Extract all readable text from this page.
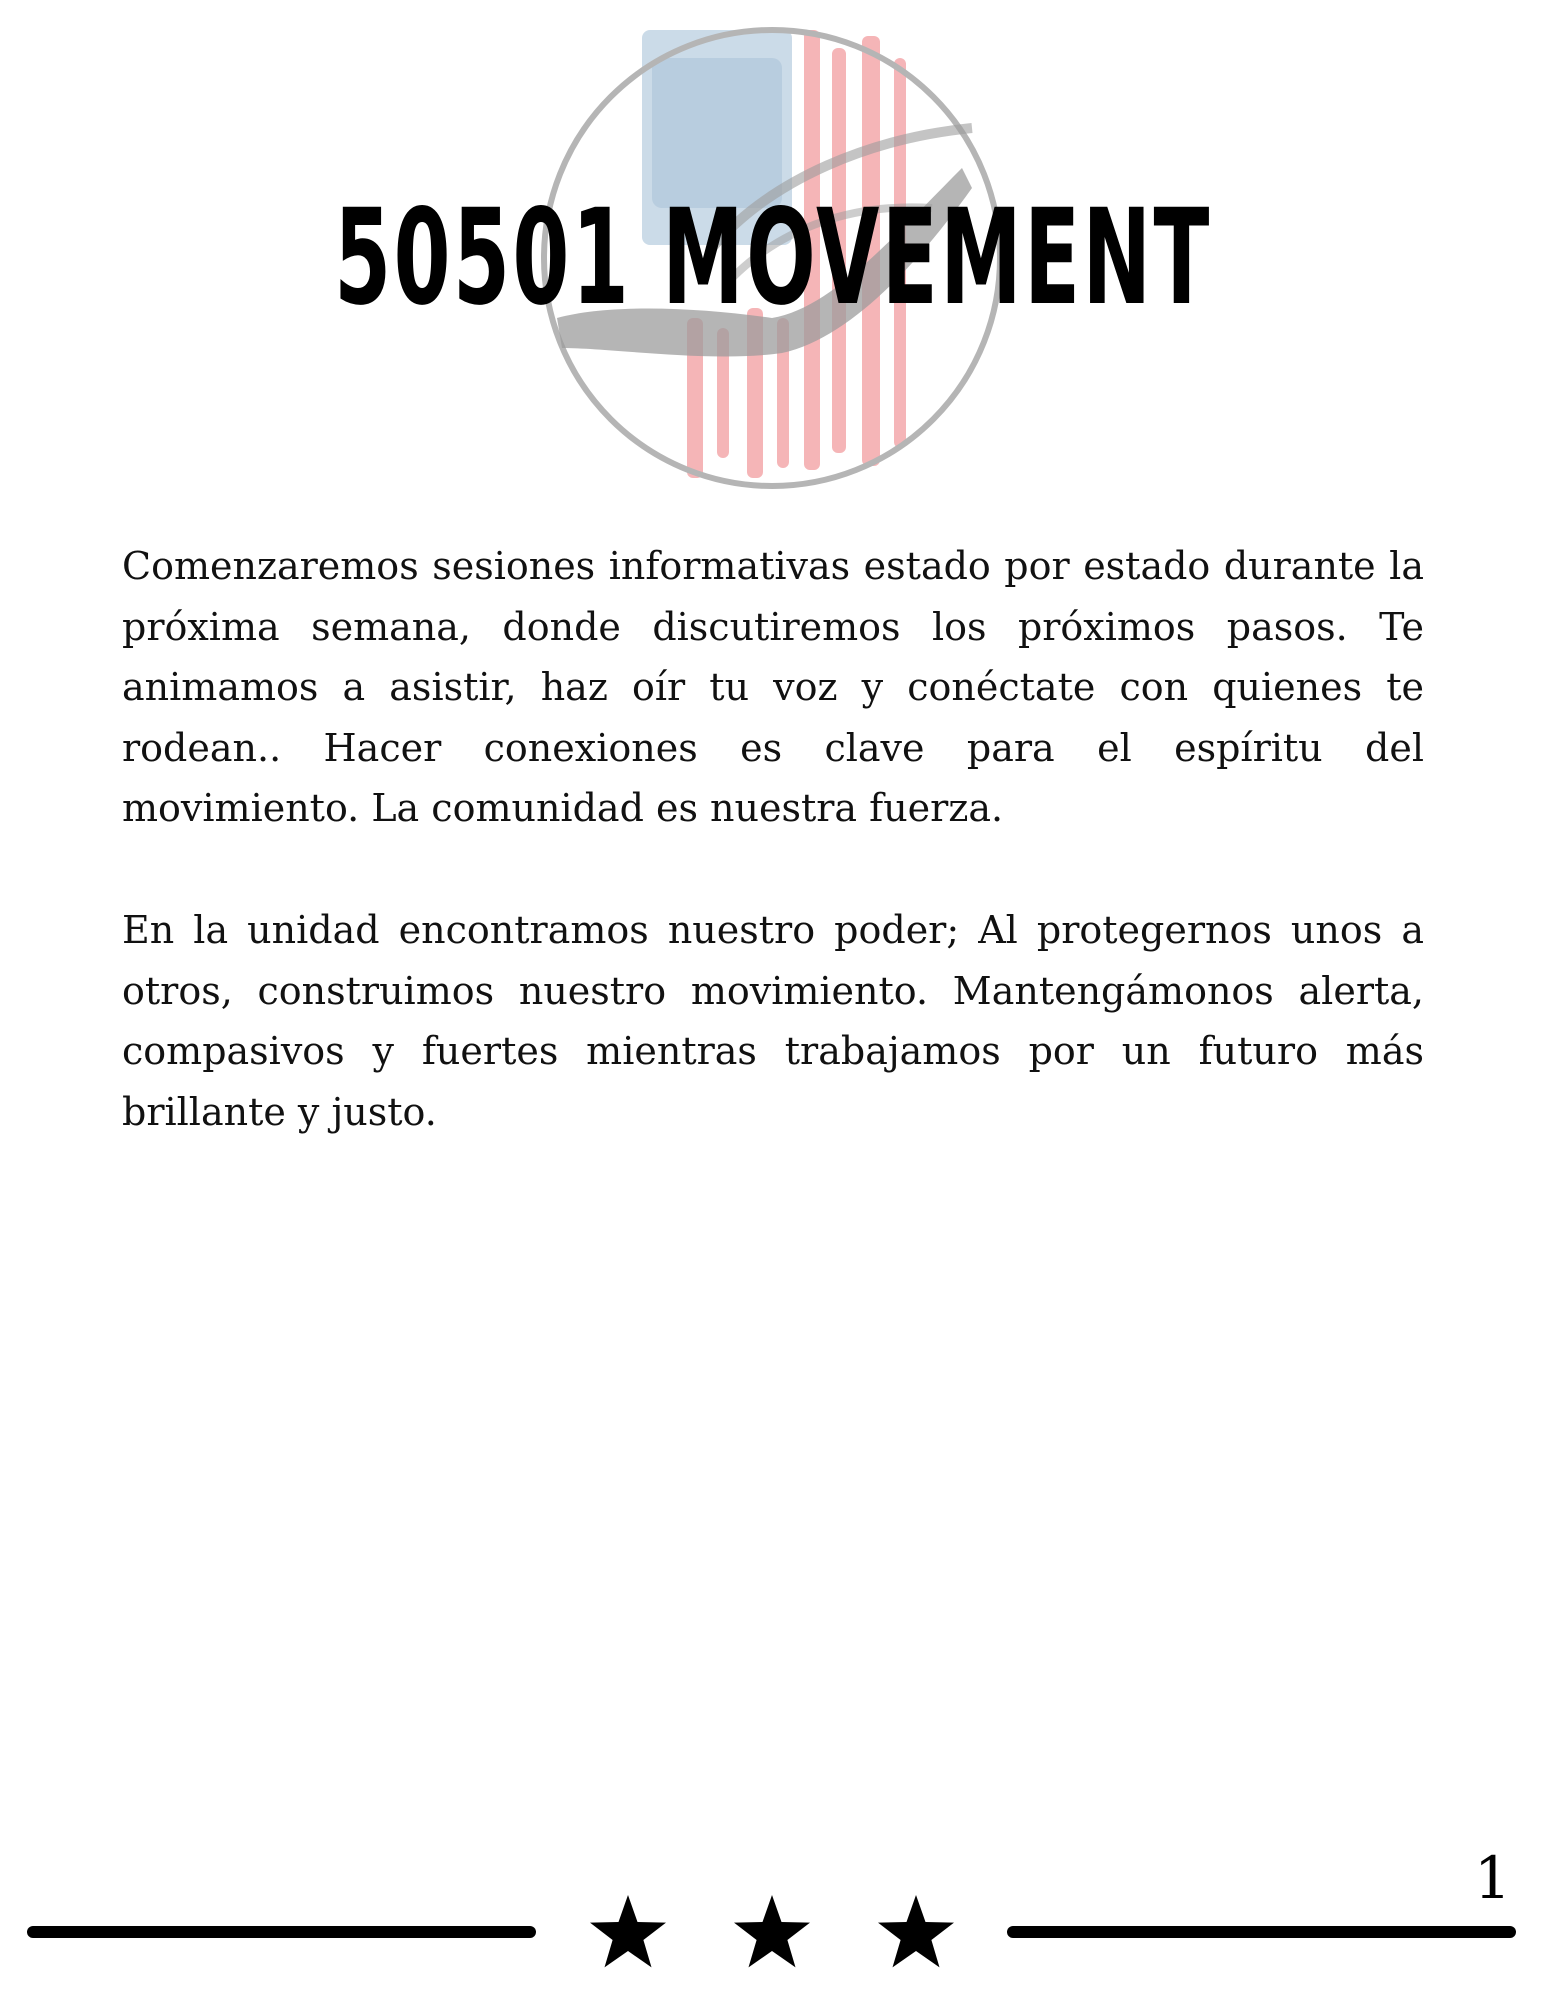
50501 MOVEMENT

Comenzaremos sesiones informativas estado por estado durante la próxima semana, donde discutiremos los próximos pasos. Te animamos a asistir, haz oír tu voz y conéctate con quienes te rodean.. Hacer conexiones es clave para el espíritu del movimiento. La comunidad es nuestra fuerza.

En la unidad encontramos nuestro poder; Al protegernos unos a otros, construimos nuestro movimiento. Mantengámonos alerta, compasivos y fuertes mientras trabajamos por un futuro más brillante y justo.

1
